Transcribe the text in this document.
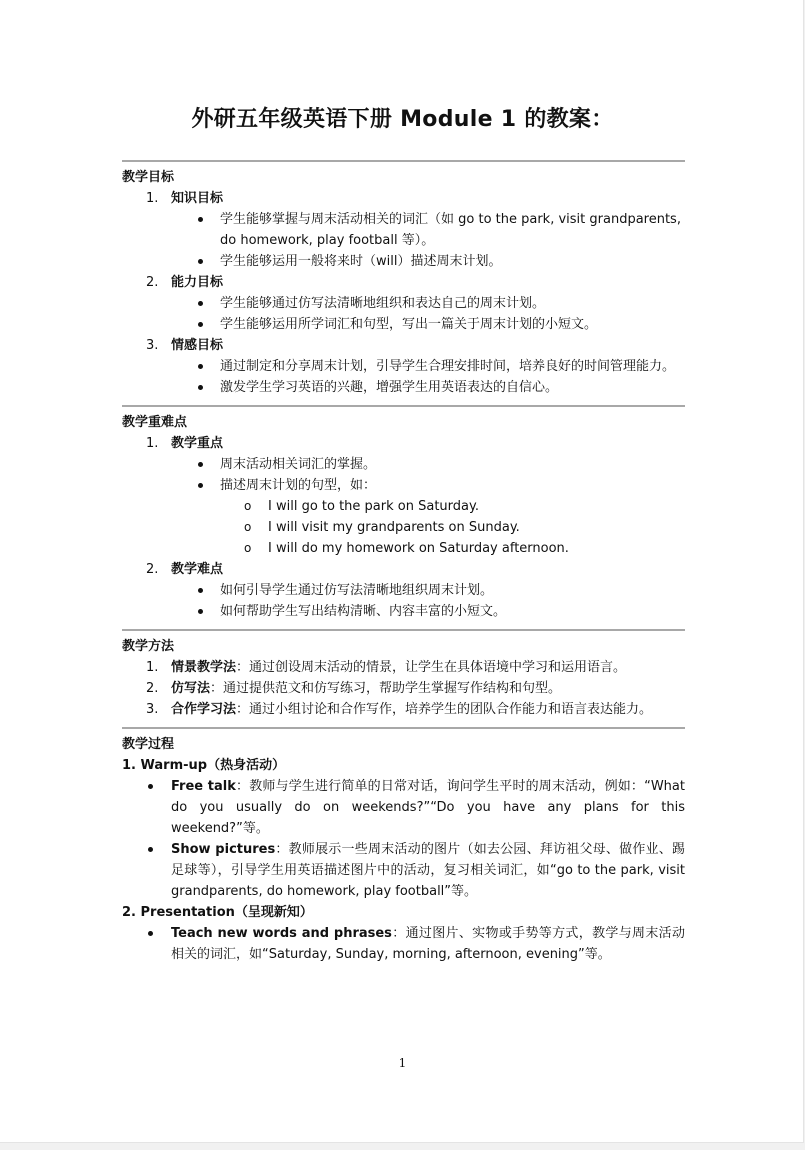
外研五年级英语下册 Module 1 的教案：
教学目标
1. 知识目标
学生能够掌握与周末活动相关的词汇（如 go to the park, visit grandparents, do homework, play football 等）。
学生能够运用一般将来时（will）描述周末计划。
2. 能力目标
学生能够通过仿写法清晰地组织和表达自己的周末计划。
学生能够运用所学词汇和句型，写出一篇关于周末计划的小短文。
3. 情感目标
通过制定和分享周末计划，引导学生合理安排时间，培养良好的时间管理能力。
激发学生学习英语的兴趣，增强学生用英语表达的自信心。
教学重难点
1. 教学重点
周末活动相关词汇的掌握。
描述周末计划的句型，如：
o I will go to the park on Saturday.
o I will visit my grandparents on Sunday.
o I will do my homework on Saturday afternoon.
2. 教学难点
如何引导学生通过仿写法清晰地组织周末计划。
如何帮助学生写出结构清晰、内容丰富的小短文。
教学方法
1. 情景教学法：通过创设周末活动的情景，让学生在具体语境中学习和运用语言。
2. 仿写法：通过提供范文和仿写练习，帮助学生掌握写作结构和句型。
3. 合作学习法：通过小组讨论和合作写作，培养学生的团队合作能力和语言表达能力。
教学过程
1. Warm-up（热身活动）
Free talk：教师与学生进行简单的日常对话，询问学生平时的周末活动，例如：“What do you usually do on weekends?”“Do you have any plans for this weekend?”等。
Show pictures：教师展示一些周末活动的图片（如去公园、拜访祖父母、做作业、踢足球等），引导学生用英语描述图片中的活动，复习相关词汇，如“go to the park, visit grandparents, do homework, play football”等。
2. Presentation（呈现新知）
Teach new words and phrases：通过图片、实物或手势等方式，教学与周末活动相关的词汇，如“Saturday, Sunday, morning, afternoon, evening”等。
1
